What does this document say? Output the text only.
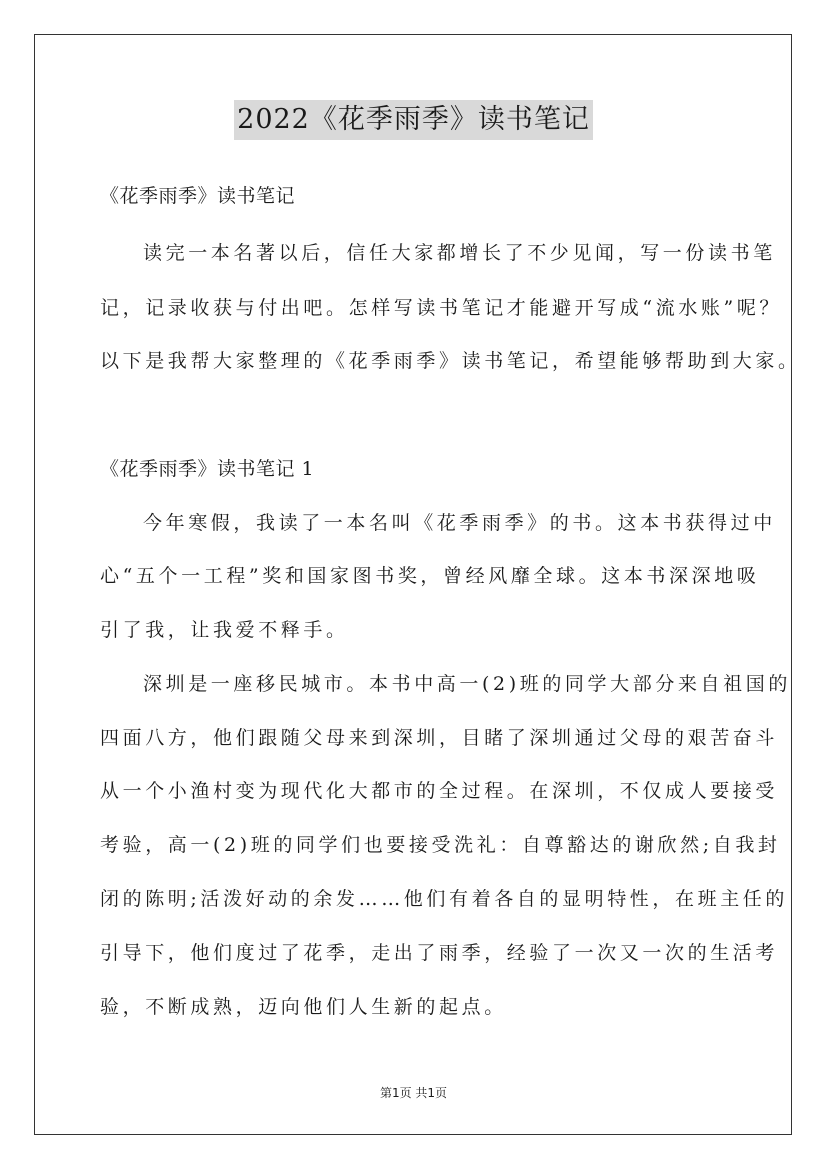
2022《花季雨季》读书笔记
《花季雨季》读书笔记
读完一本名著以后，信任大家都增长了不少见闻，写一份读书笔
记，记录收获与付出吧。怎样写读书笔记才能避开写成“流水账”呢？
以下是我帮大家整理的《花季雨季》读书笔记，希望能够帮助到大家。
《花季雨季》读书笔记 1
今年寒假，我读了一本名叫《花季雨季》的书。这本书获得过中
心“五个一工程”奖和国家图书奖，曾经风靡全球。这本书深深地吸
引了我，让我爱不释手。
深圳是一座移民城市。本书中高一(2)班的同学大部分来自祖国的
四面八方，他们跟随父母来到深圳，目睹了深圳通过父母的艰苦奋斗
从一个小渔村变为现代化大都市的全过程。在深圳，不仅成人要接受
考验，高一(2)班的同学们也要接受洗礼：自尊豁达的谢欣然;自我封
闭的陈明;活泼好动的余发……他们有着各自的显明特性，在班主任的
引导下，他们度过了花季，走出了雨季，经验了一次又一次的生活考
验，不断成熟，迈向他们人生新的起点。
第1页 共1页
